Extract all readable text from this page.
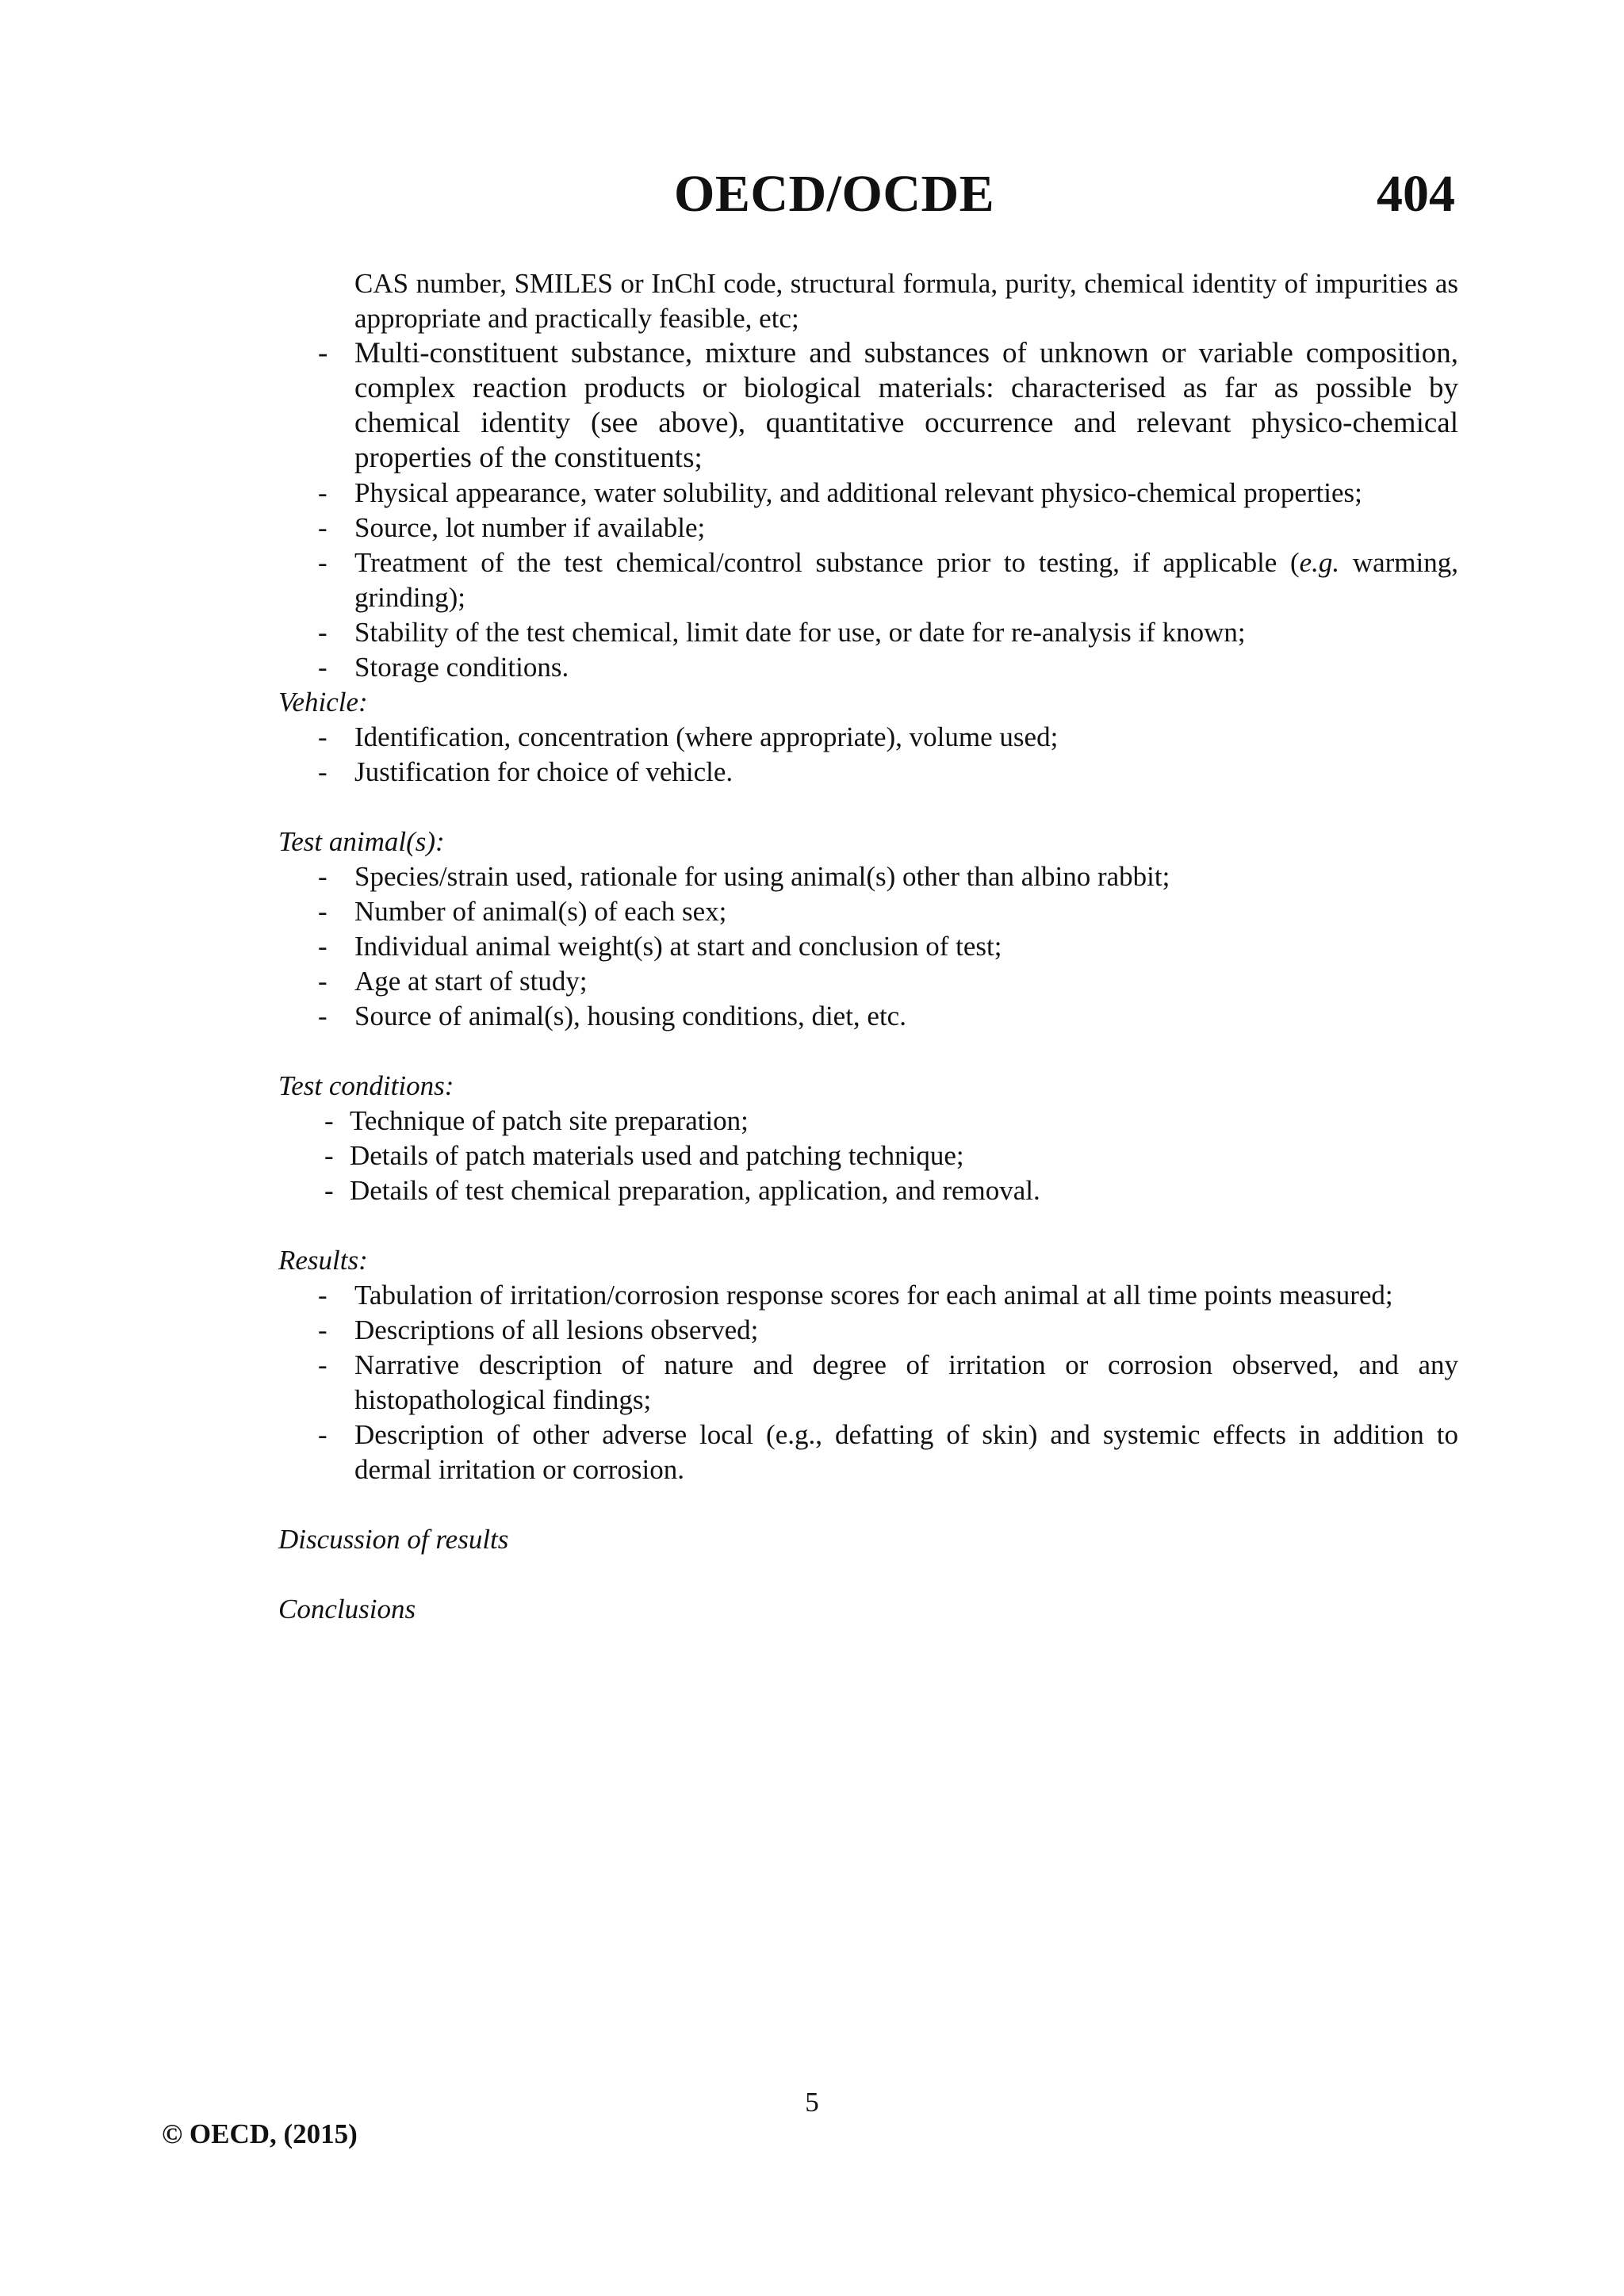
OECD/OCDE	404
CAS number, SMILES or InChI code, structural formula, purity, chemical identity of impurities as appropriate and practically feasible, etc;
- Multi-constituent substance, mixture and substances of unknown or variable composition, complex reaction products or biological materials: characterised as far as possible by chemical identity (see above), quantitative occurrence and relevant physico-chemical properties of the constituents;
- Physical appearance, water solubility, and additional relevant physico-chemical properties;
- Source, lot number if available;
- Treatment of the test chemical/control substance prior to testing, if applicable (e.g. warming, grinding);
- Stability of the test chemical, limit date for use, or date for re-analysis if known;
- Storage conditions.
Vehicle:
- Identification, concentration (where appropriate), volume used;
- Justification for choice of vehicle.
Test animal(s):
- Species/strain used, rationale for using animal(s) other than albino rabbit;
- Number of animal(s) of each sex;
- Individual animal weight(s) at start and conclusion of test;
- Age at start of study;
- Source of animal(s), housing conditions, diet, etc.
Test conditions:
- Technique of patch site preparation;
- Details of patch materials used and patching technique;
- Details of test chemical preparation, application, and removal.
Results:
- Tabulation of irritation/corrosion response scores for each animal at all time points measured;
- Descriptions of all lesions observed;
- Narrative description of nature and degree of irritation or corrosion observed, and any histopathological findings;
- Description of other adverse local (e.g., defatting of skin) and systemic effects in addition to dermal irritation or corrosion.
Discussion of results
Conclusions
5
© OECD, (2015)
